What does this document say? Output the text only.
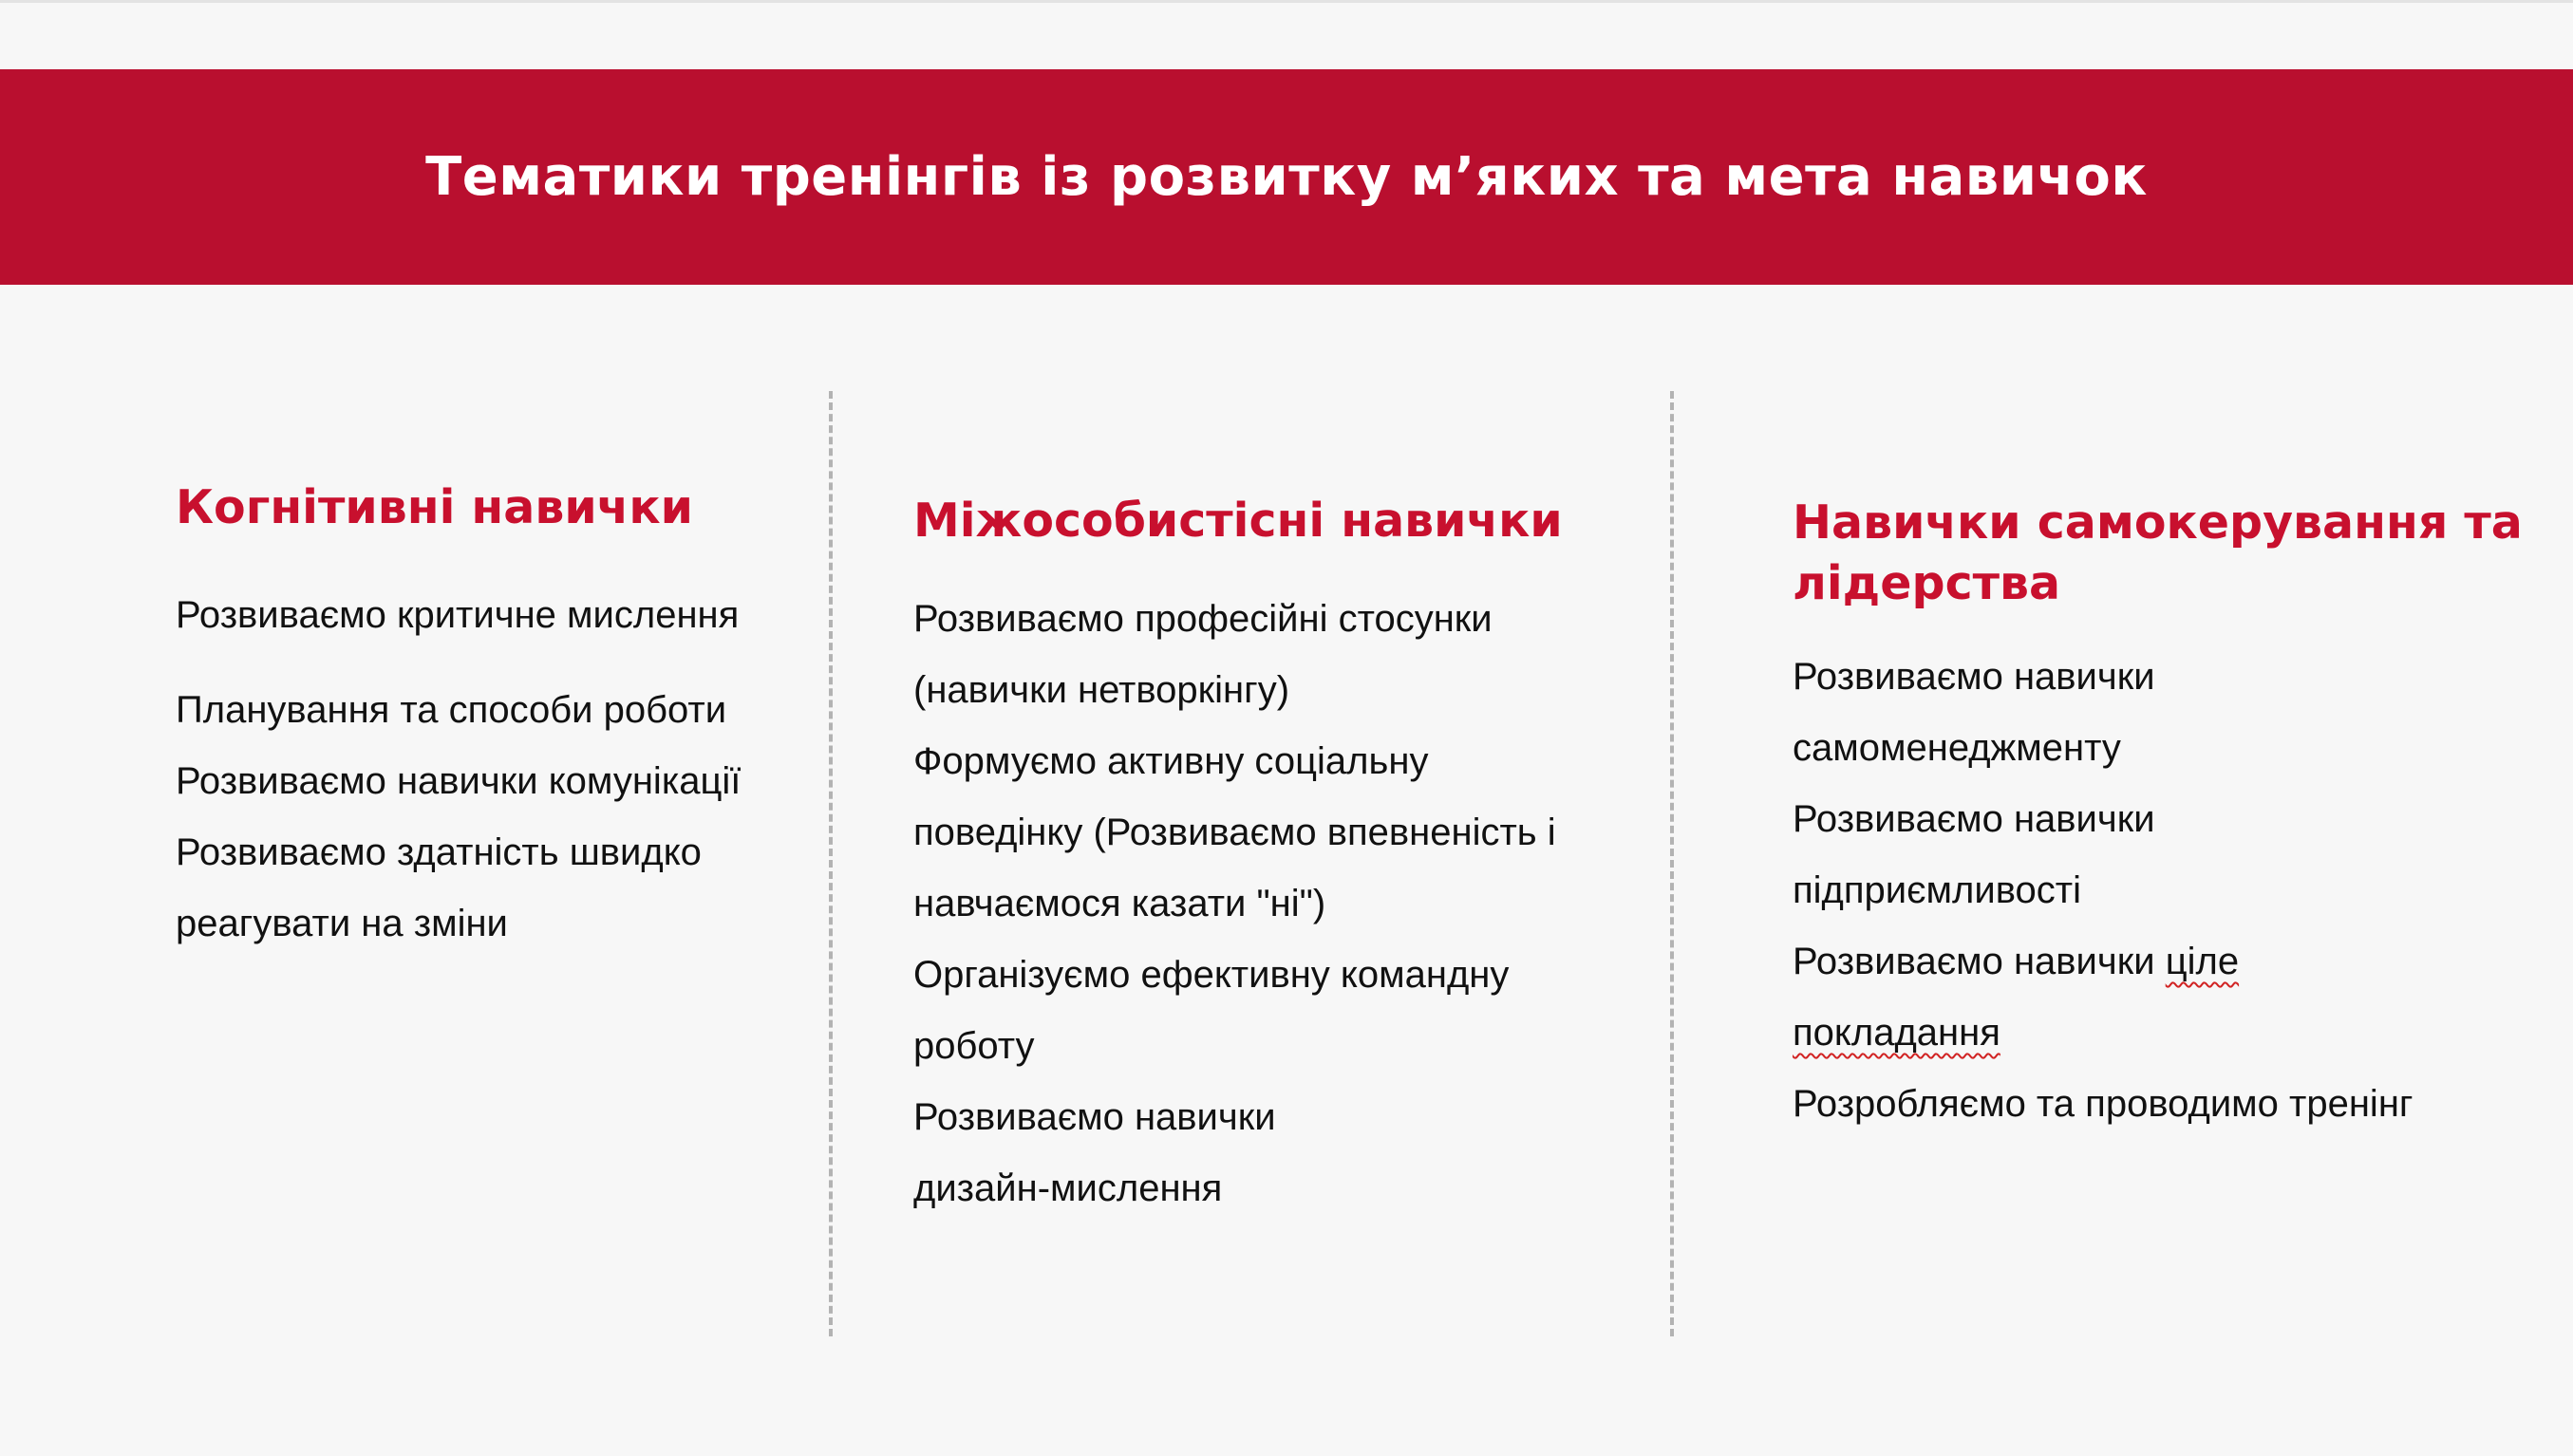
Тематики тренінгів із розвитку м’яких та мета навичок
Когнітивні навички
Розвиваємо критичне мислення
Планування та способи роботи
Розвиваємо навички комунікації
Розвиваємо здатність швидко
реагувати на зміни
Міжособистісні навички
Розвиваємо професійні стосунки
(навички нетворкінгу)
Формуємо активну соціальну
поведінку (Розвиваємо впевненість і
навчаємося казати "ні")
Організуємо ефективну командну
роботу
Розвиваємо навички
дизайн-мислення
Навички самокерування та
лідерства
Розвиваємо навички
самоменеджменту
Розвиваємо навички
підприємливості
Розвиваємо навички ціле
покладання
Розробляємо та проводимо тренінг
